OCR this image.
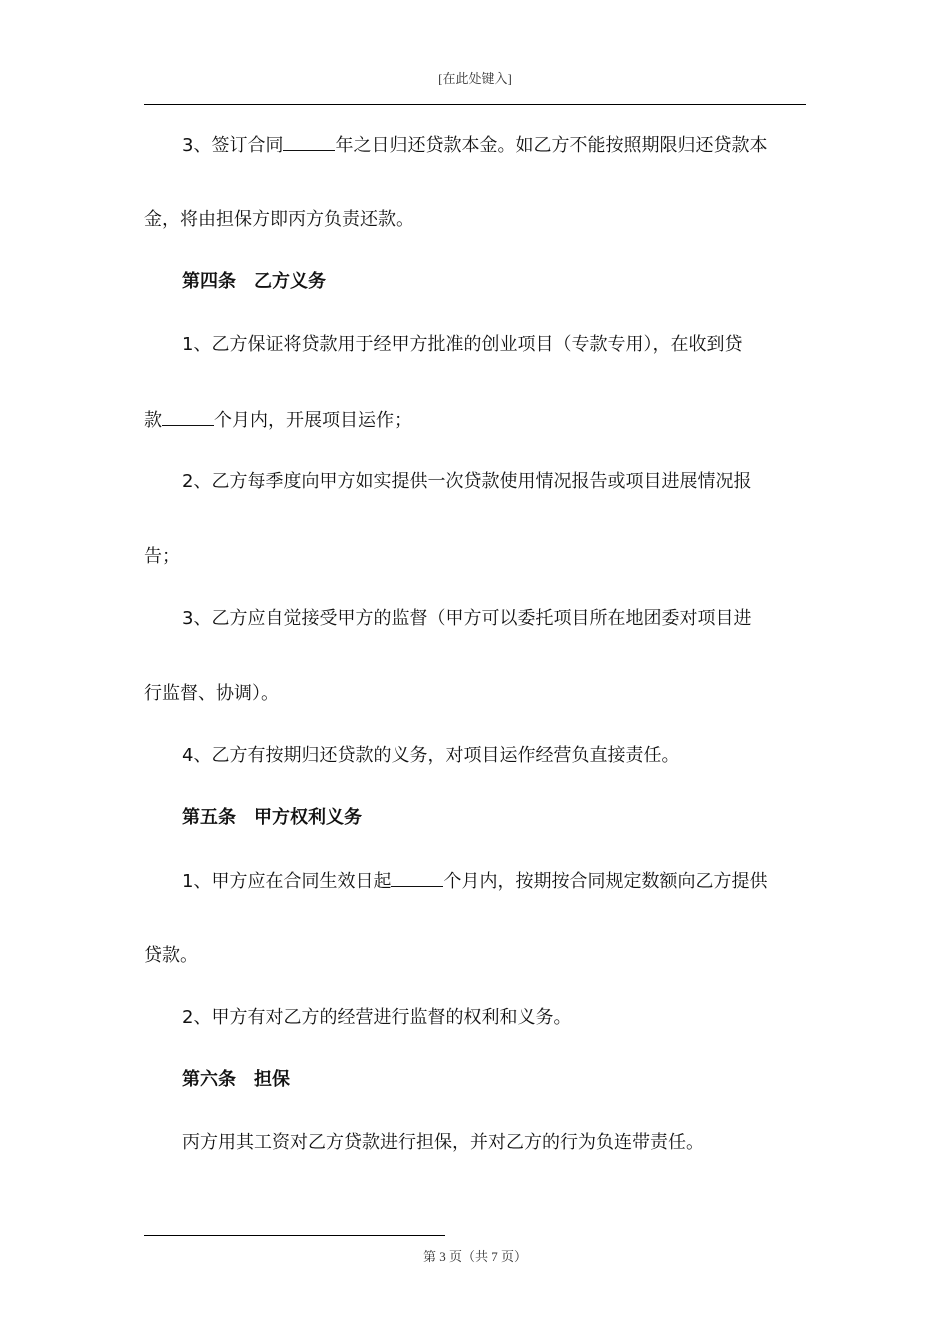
[在此处键入]
3、签订合同	年之日归还贷款本金。如乙方不能按照期限归还贷款本
金，将由担保方即丙方负责还款。
第四条 乙方义务
1、乙方保证将贷款用于经甲方批准的创业项目（专款专用），在收到贷
款	个月内，开展项目运作；
2、乙方每季度向甲方如实提供一次贷款使用情况报告或项目进展情况报
告；
3、乙方应自觉接受甲方的监督（甲方可以委托项目所在地团委对项目进
行监督、协调）。
4、乙方有按期归还贷款的义务，对项目运作经营负直接责任。
第五条 甲方权利义务
1、甲方应在合同生效日起	个月内，按期按合同规定数额向乙方提供
贷款。
2、甲方有对乙方的经营进行监督的权利和义务。
第六条 担保
丙方用其工资对乙方贷款进行担保，并对乙方的行为负连带责任。
第 3 页（共 7 页）
